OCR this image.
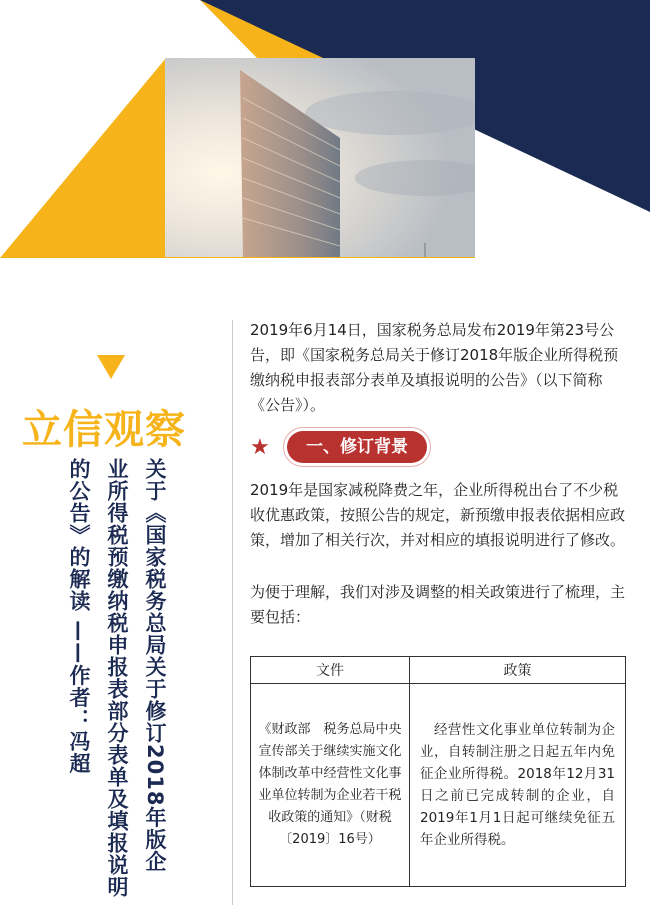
立信观察
关于《国家税务总局关于修订2018年版企
业所得税预缴纳税申报表部分表单及填报说明
的公告》的解读 ——作者：冯超

2019年6月14日，国家税务总局发布2019年第23号公告，即《国家税务总局关于修订2018年版企业所得税预缴纳税申报表部分表单及填报说明的公告》（以下简称《公告》）。

★	一、修订背景

2019年是国家减税降费之年，企业所得税出台了不少税收优惠政策，按照公告的规定，新预缴申报表依据相应政策，增加了相关行次，并对相应的填报说明进行了修改。

为便于理解，我们对涉及调整的相关政策进行了梳理，主要包括：

文件	政策
《财政部　税务总局中央宣传部关于继续实施文化体制改革中经营性文化事业单位转制为企业若干税收政策的通知》（财税〔2019〕16号）	　经营性文化事业单位转制为企业，自转制注册之日起五年内免征企业所得税。2018年12月31日之前已完成转制的企业，自2019年1月1日起可继续免征五年企业所得税。
